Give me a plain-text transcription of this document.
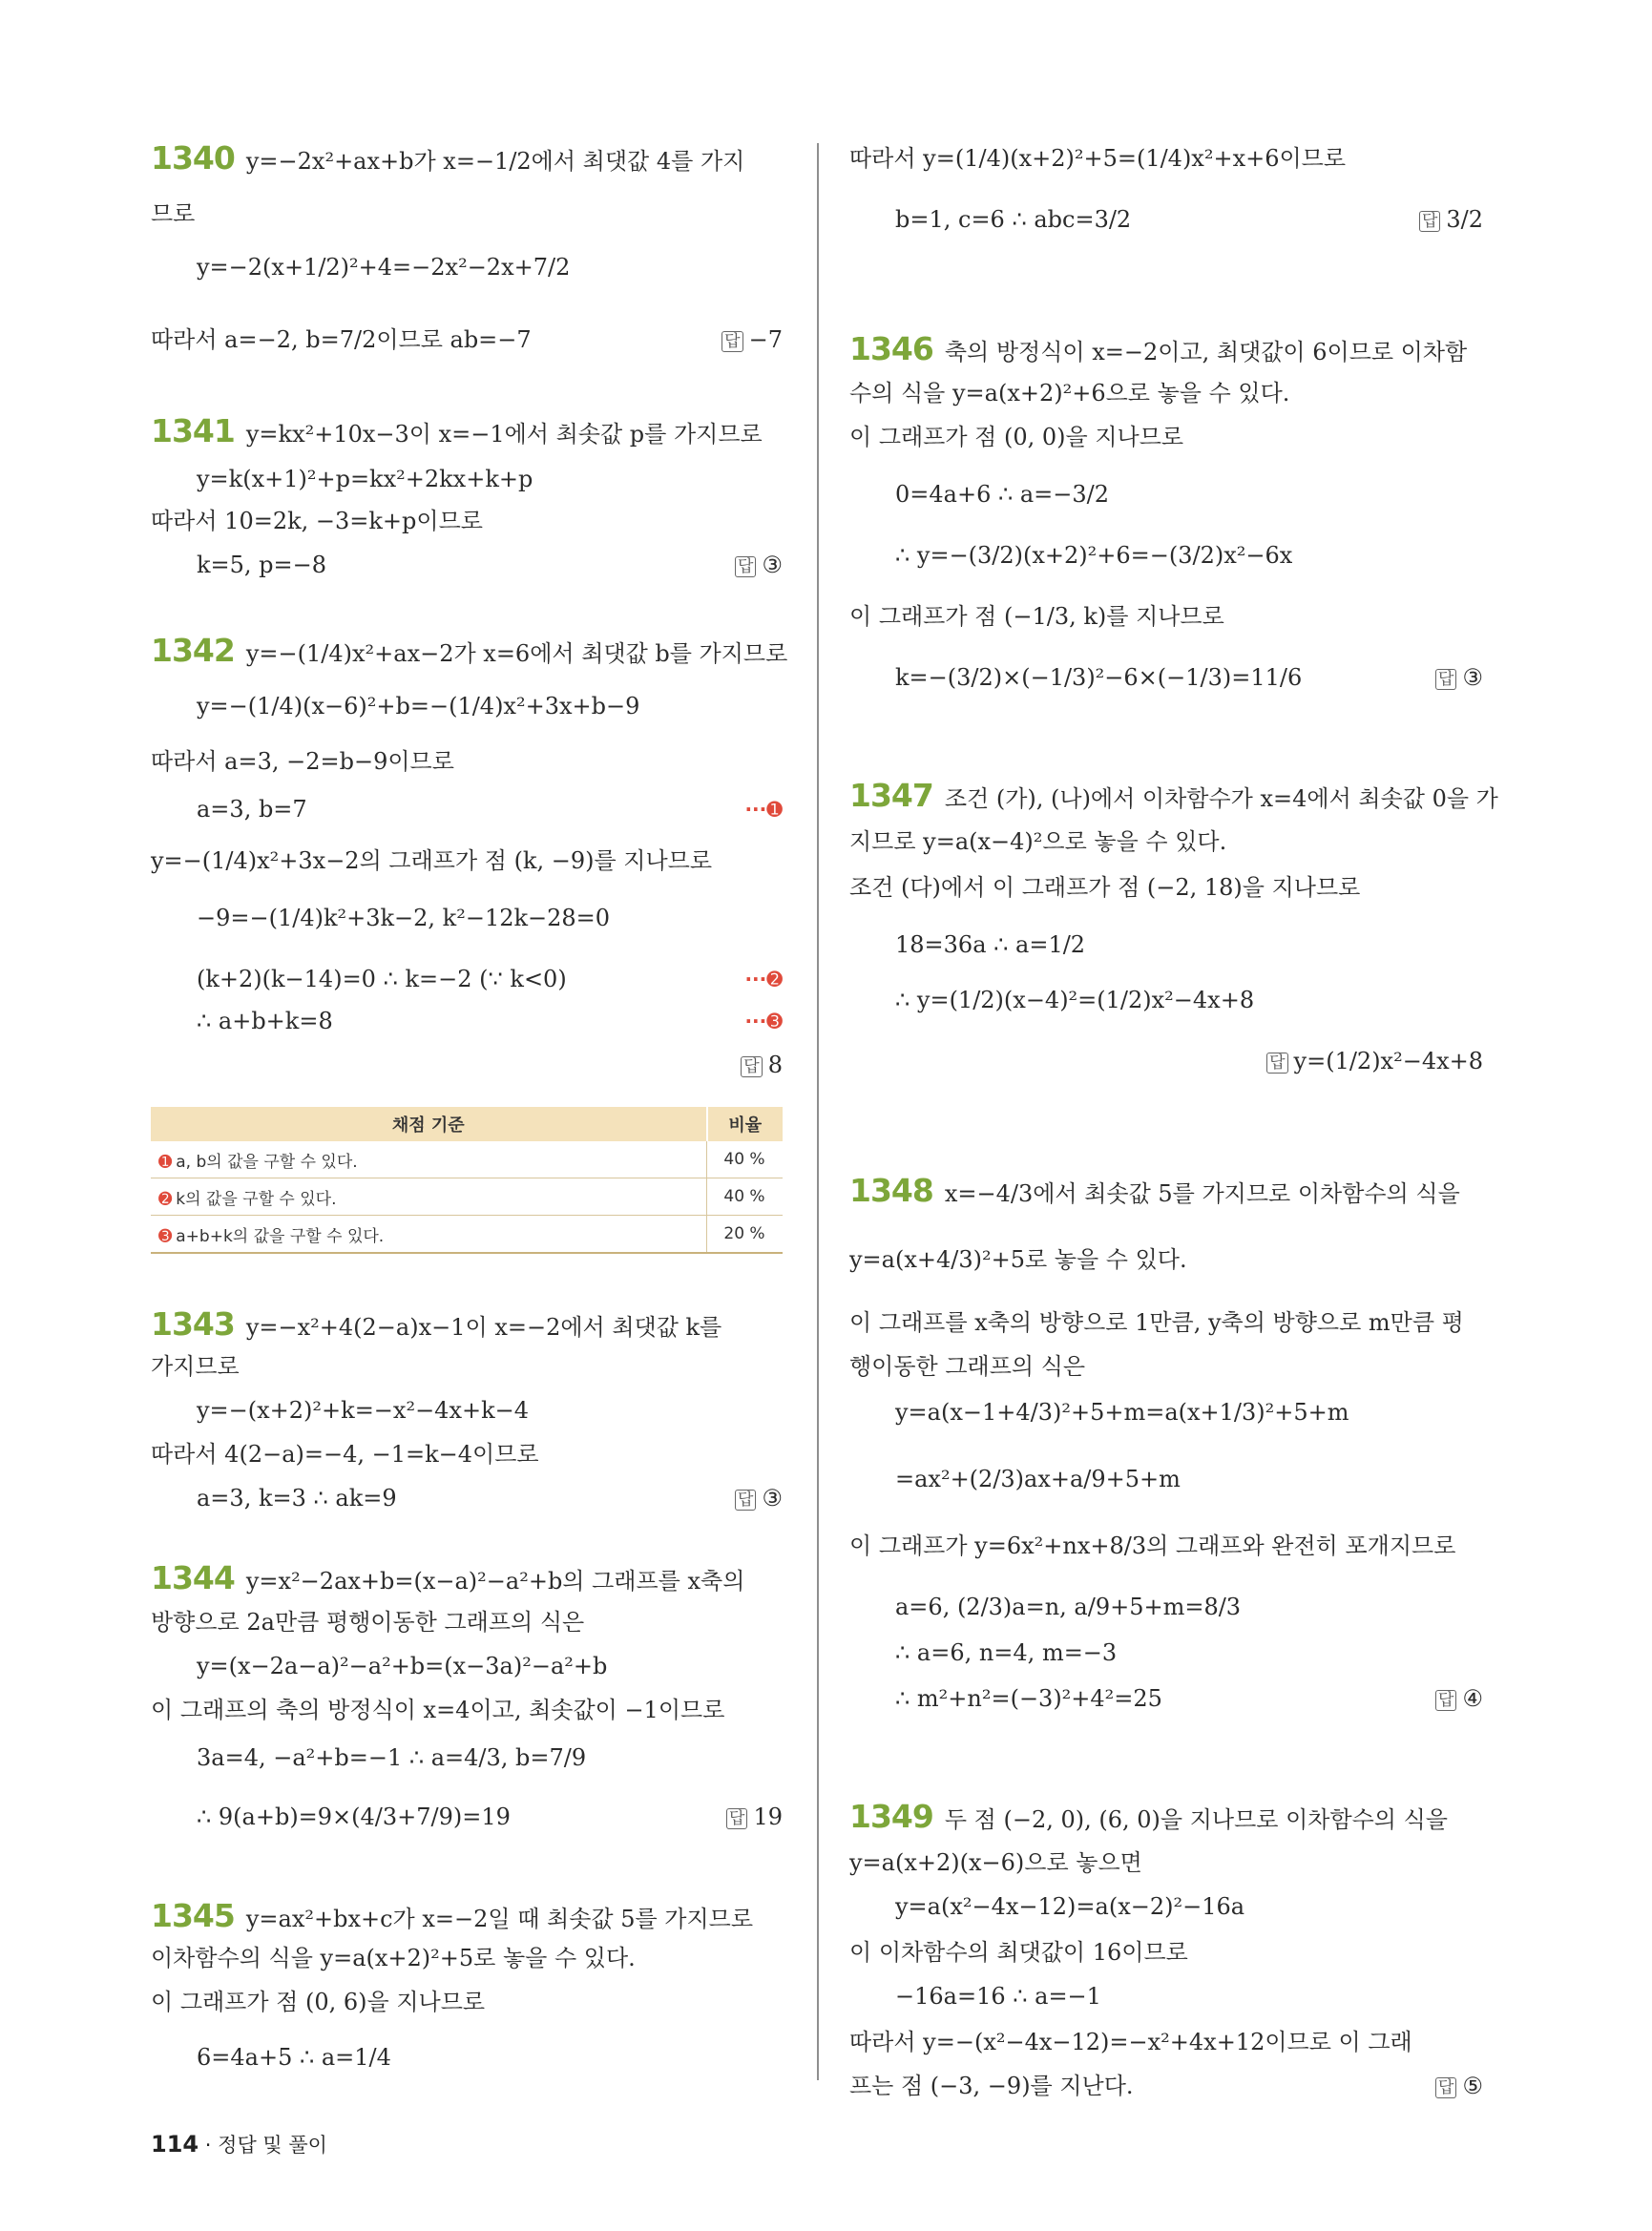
1340 y=−2x²+ax+b가 x=−1/2에서 최댓값 4를 가지
므로
y=−2(x+1/2)²+4=−2x²−2x+7/2
따라서 a=−2, b=7/2이므로 ab=−7	답 −7
1341 y=kx²+10x−3이 x=−1에서 최솟값 p를 가지므로
y=k(x+1)²+p=kx²+2kx+k+p
따라서 10=2k, −3=k+p이므로
k=5, p=−8	답 ③
1342 y=−(1/4)x²+ax−2가 x=6에서 최댓값 b를 가지므로
y=−(1/4)(x−6)²+b=−(1/4)x²+3x+b−9
따라서 a=3, −2=b−9이므로
a=3, b=7	···➊
y=−(1/4)x²+3x−2의 그래프가 점 (k, −9)를 지나므로
−9=−(1/4)k²+3k−2, k²−12k−28=0
(k+2)(k−14)=0 ∴ k=−2 (∵ k<0)	···➋
∴ a+b+k=8	···➌
답 8
1343 y=−x²+4(2−a)x−1이 x=−2에서 최댓값 k를
가지므로
y=−(x+2)²+k=−x²−4x+k−4
따라서 4(2−a)=−4, −1=k−4이므로
a=3, k=3 ∴ ak=9	답 ③
1344 y=x²−2ax+b=(x−a)²−a²+b의 그래프를 x축의
방향으로 2a만큼 평행이동한 그래프의 식은
y=(x−2a−a)²−a²+b=(x−3a)²−a²+b
이 그래프의 축의 방정식이 x=4이고, 최솟값이 −1이므로
3a=4, −a²+b=−1 ∴ a=4/3, b=7/9
∴ 9(a+b)=9×(4/3+7/9)=19	답 19
1345 y=ax²+bx+c가 x=−2일 때 최솟값 5를 가지므로
이차함수의 식을 y=a(x+2)²+5로 놓을 수 있다.
이 그래프가 점 (0, 6)을 지나므로
6=4a+5 ∴ a=1/4
채점 기준	비율
➊ a, b의 값을 구할 수 있다.	40 %
➋ k의 값을 구할 수 있다.	40 %
➌ a+b+k의 값을 구할 수 있다.	20 %
따라서 y=(1/4)(x+2)²+5=(1/4)x²+x+6이므로
b=1, c=6 ∴ abc=3/2	답 3/2
1346 축의 방정식이 x=−2이고, 최댓값이 6이므로 이차함
수의 식을 y=a(x+2)²+6으로 놓을 수 있다.
이 그래프가 점 (0, 0)을 지나므로
0=4a+6 ∴ a=−3/2
∴ y=−(3/2)(x+2)²+6=−(3/2)x²−6x
이 그래프가 점 (−1/3, k)를 지나므로
k=−(3/2)×(−1/3)²−6×(−1/3)=11/6	답 ③
1347 조건 (가), (나)에서 이차함수가 x=4에서 최솟값 0을 가
지므로 y=a(x−4)²으로 놓을 수 있다.
조건 (다)에서 이 그래프가 점 (−2, 18)을 지나므로
18=36a ∴ a=1/2
∴ y=(1/2)(x−4)²=(1/2)x²−4x+8
답 y=(1/2)x²−4x+8
1348 x=−4/3에서 최솟값 5를 가지므로 이차함수의 식을
y=a(x+4/3)²+5로 놓을 수 있다.
이 그래프를 x축의 방향으로 1만큼, y축의 방향으로 m만큼 평
행이동한 그래프의 식은
y=a(x−1+4/3)²+5+m=a(x+1/3)²+5+m
=ax²+(2/3)ax+a/9+5+m
이 그래프가 y=6x²+nx+8/3의 그래프와 완전히 포개지므로
a=6, (2/3)a=n, a/9+5+m=8/3
∴ a=6, n=4, m=−3
∴ m²+n²=(−3)²+4²=25	답 ④
1349 두 점 (−2, 0), (6, 0)을 지나므로 이차함수의 식을
y=a(x+2)(x−6)으로 놓으면
y=a(x²−4x−12)=a(x−2)²−16a
이 이차함수의 최댓값이 16이므로
−16a=16 ∴ a=−1
따라서 y=−(x²−4x−12)=−x²+4x+12이므로 이 그래
프는 점 (−3, −9)를 지난다.	답 ⑤
114 · 정답 및 풀이
